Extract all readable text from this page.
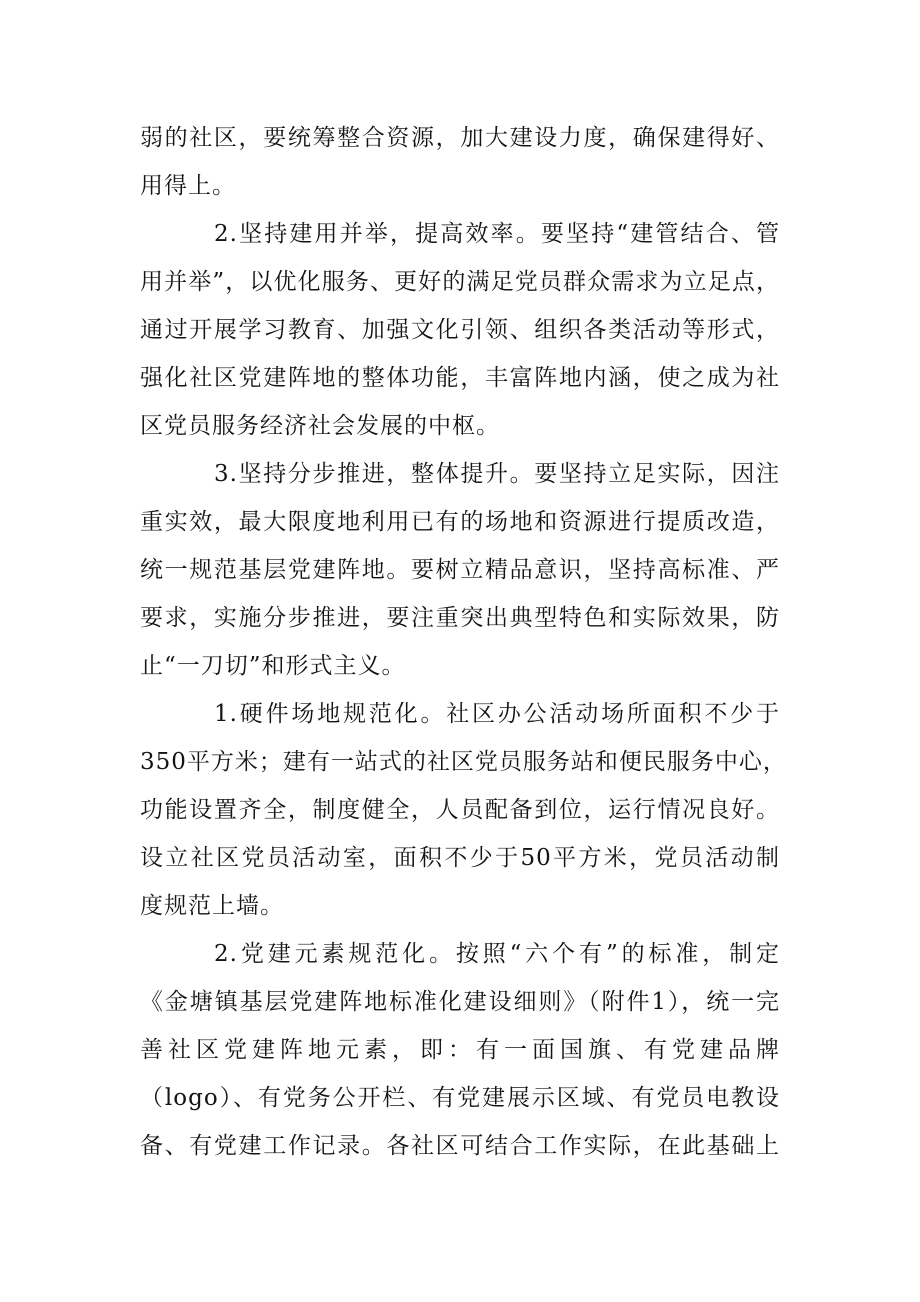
弱的社区，要统筹整合资源，加大建设力度，确保建得好、
用得上。
2.坚持建用并举，提高效率。要坚持“建管结合、管
用并举”，以优化服务、更好的满足党员群众需求为立足点，
通过开展学习教育、加强文化引领、组织各类活动等形式，
强化社区党建阵地的整体功能，丰富阵地内涵，使之成为社
区党员服务经济社会发展的中枢。
3.坚持分步推进，整体提升。要坚持立足实际，因注
重实效，最大限度地利用已有的场地和资源进行提质改造，
统一规范基层党建阵地。要树立精品意识，坚持高标准、严
要求，实施分步推进，要注重突出典型特色和实际效果，防
止“一刀切”和形式主义。
1.硬件场地规范化。社区办公活动场所面积不少于
350平方米；建有一站式的社区党员服务站和便民服务中心，
功能设置齐全，制度健全，人员配备到位，运行情况良好。
设立社区党员活动室，面积不少于50平方米，党员活动制
度规范上墙。
2.党建元素规范化。按照“六个有”的标准，制定
《金塘镇基层党建阵地标准化建设细则》（附件1），统一完
善社区党建阵地元素，即：有一面国旗、有党建品牌
（logo）、有党务公开栏、有党建展示区域、有党员电教设
备、有党建工作记录。各社区可结合工作实际，在此基础上
